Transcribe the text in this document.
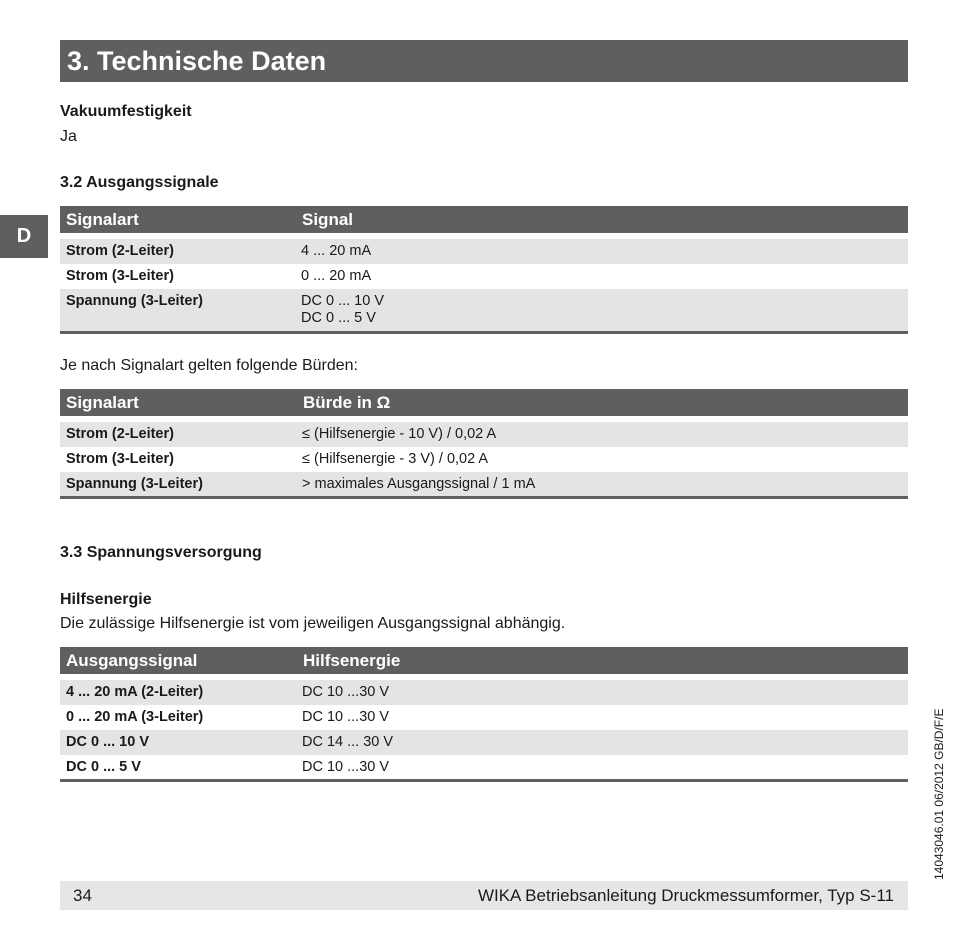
3. Technische Daten
D
Vakuumfestigkeit
Ja
3.2 Ausgangssignale
Signalart	Signal
Strom (2-Leiter)	4 ... 20 mA
Strom (3-Leiter)	0 ... 20 mA
Spannung (3-Leiter)	DC 0 ... 10 V
DC 0 ... 5 V
Je nach Signalart gelten folgende Bürden:
Signalart	Bürde in Ω
Strom (2-Leiter)	≤ (Hilfsenergie - 10 V) / 0,02 A
Strom (3-Leiter)	≤ (Hilfsenergie - 3 V) / 0,02 A
Spannung (3-Leiter)	> maximales Ausgangssignal / 1 mA
3.3 Spannungsversorgung
Hilfsenergie
Die zulässige Hilfsenergie ist vom jeweiligen Ausgangssignal abhängig.
Ausgangssignal	Hilfsenergie
4 ... 20 mA (2-Leiter)	DC 10 ...30 V
0 ... 20 mA (3-Leiter)	DC 10 ...30 V
DC 0 ... 10 V	DC 14 ... 30 V
DC 0 ... 5 V	DC 10 ...30 V
34	WIKA Betriebsanleitung Druckmessumformer, Typ S-11
14043046.01 06/2012 GB/D/F/E
